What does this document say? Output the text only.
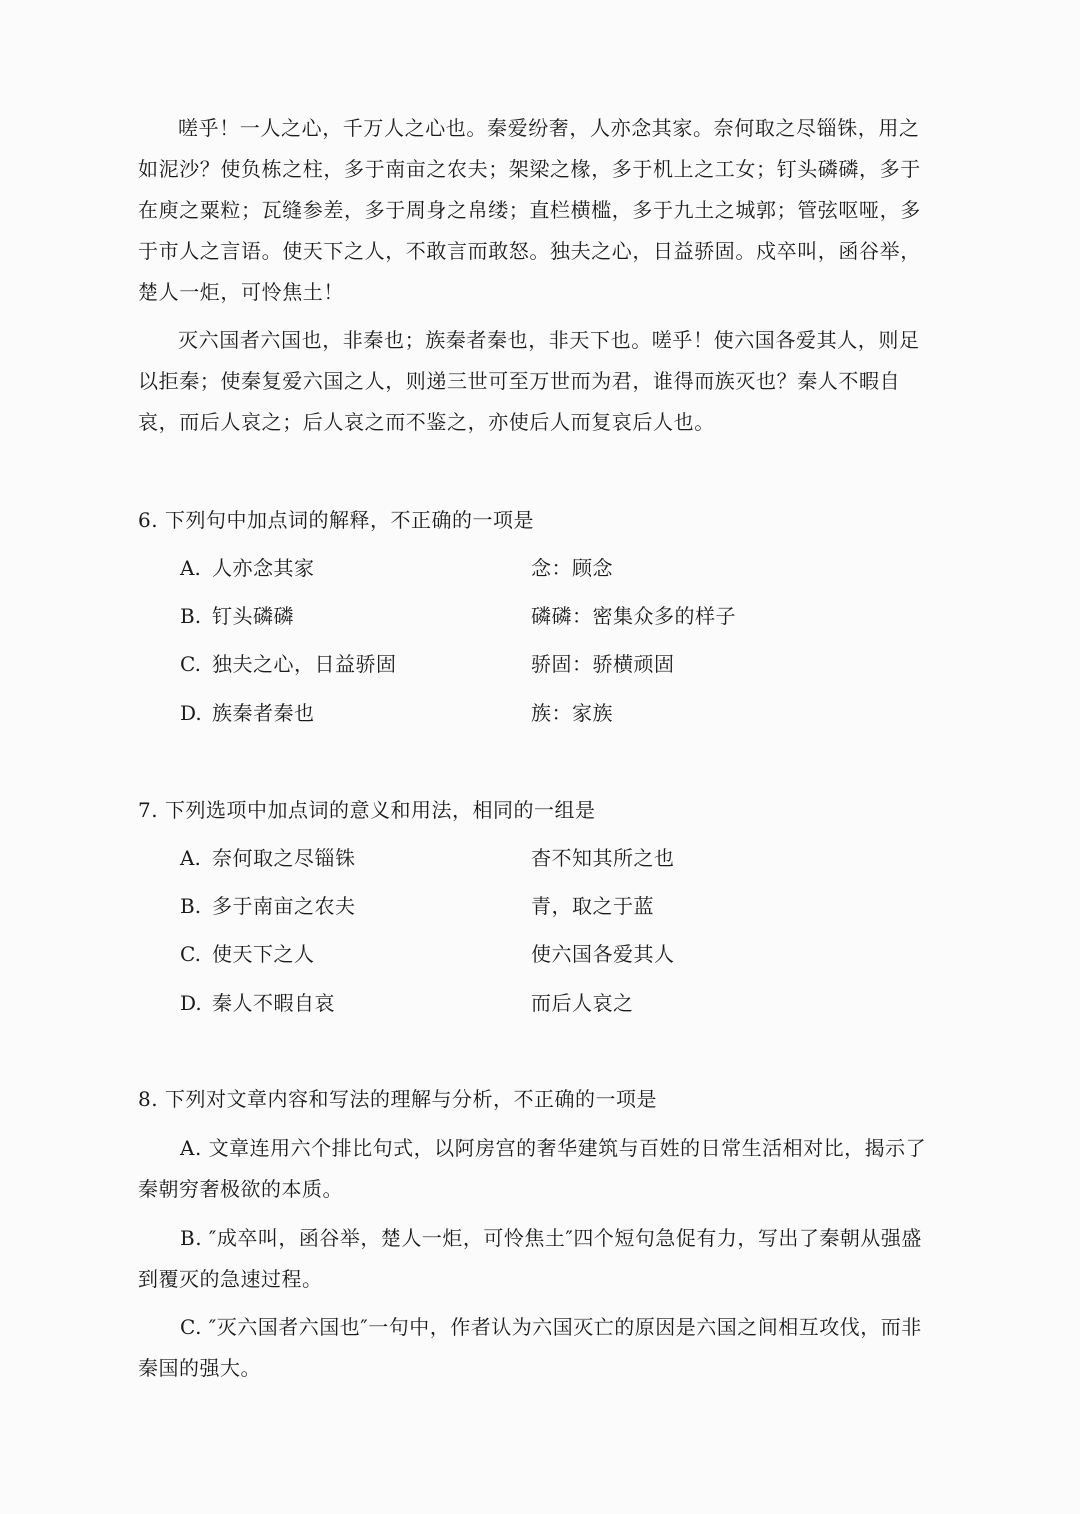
嗟乎！一人之心，千万人之心也。秦爱纷奢，人亦念其家。奈何取之尽锱铢，用之如泥沙？使负栋之柱，多于南亩之农夫；架梁之椽，多于机上之工女；钉头磷磷，多于在庾之粟粒；瓦缝参差，多于周身之帛缕；直栏横槛，多于九土之城郭；管弦呕哑，多于市人之言语。使天下之人，不敢言而敢怒。独夫之心，日益骄固。戍卒叫，函谷举，楚人一炬，可怜焦土！

灭六国者六国也，非秦也；族秦者秦也，非天下也。嗟乎！使六国各爱其人，则足以拒秦；使秦复爱六国之人，则递三世可至万世而为君，谁得而族灭也？秦人不暇自哀，而后人哀之；后人哀之而不鉴之，亦使后人而复哀后人也。

6. 下列句中加点词的解释，不正确的一项是

A. 人亦念其家	念：顾念
B. 钉头磷磷	磷磷：密集众多的样子
C. 独夫之心，日益骄固	骄固：骄横顽固
D. 族秦者秦也	族：家族

7. 下列选项中加点词的意义和用法，相同的一组是

A. 奈何取之尽锱铢	杳不知其所之也
B. 多于南亩之农夫	青，取之于蓝
C. 使天下之人	使六国各爱其人
D. 秦人不暇自哀	而后人哀之

8. 下列对文章内容和写法的理解与分析，不正确的一项是

A. 文章连用六个排比句式，以阿房宫的奢华建筑与百姓的日常生活相对比，揭示了秦朝穷奢极欲的本质。

B. ″成卒叫，函谷举，楚人一炬，可怜焦土″四个短句急促有力，写出了秦朝从强盛到覆灭的急速过程。

C. ″灭六国者六国也″一句中，作者认为六国灭亡的原因是六国之间相互攻伐，而非秦国的强大。
